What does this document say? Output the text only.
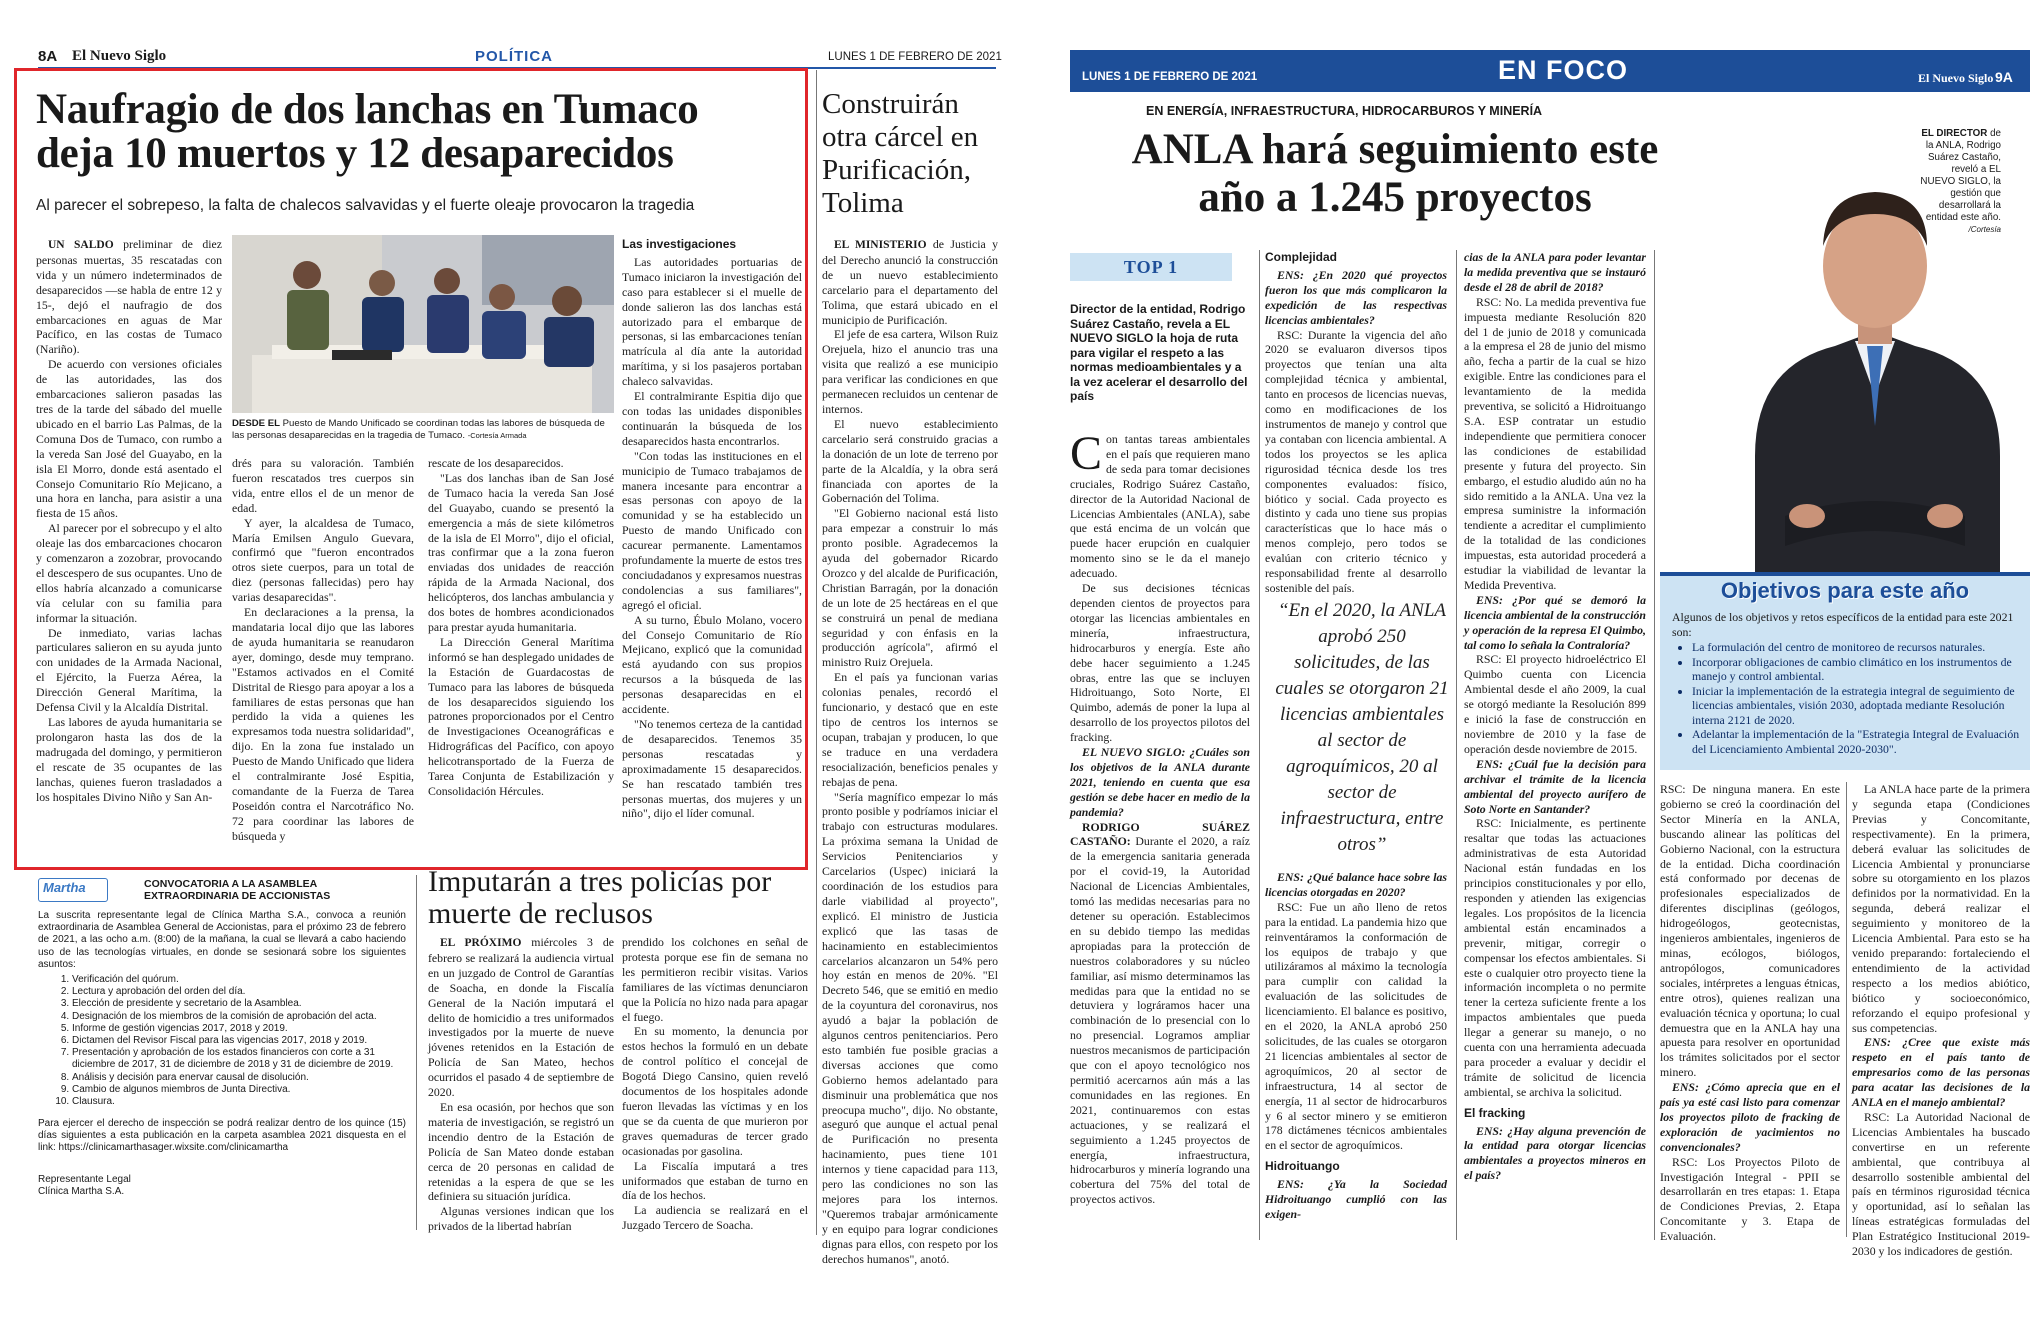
8A El Nuevo Siglo	POLÍTICA	LUNES 1 DE FEBRERO DE 2021
Naufragio de dos lanchas en Tumaco
deja 10 muertos y 12 desaparecidos
Al parecer el sobrepeso, la falta de chalecos salvavidas y el fuerte oleaje provocaron la tragedia
DESDE EL Puesto de Mando Unificado se coordinan todas las labores de búsqueda de las personas desaparecidas en la tragedia de Tumaco. -Cortesía Armada

UN SALDO preliminar de diez personas muertas, 35 rescatadas con vida y un número indeterminados de desaparecidos —se habla de entre 12 y 15-, dejó el naufragio de dos embarcaciones en aguas de Mar Pacífico, en las costas de Tumaco (Nariño).

De acuerdo con versiones oficiales de las autoridades, las dos embarcaciones salieron pasadas las tres de la tarde del sábado del muelle ubicado en el barrio Las Palmas, de la Comuna Dos de Tumaco, con rumbo a la vereda San José del Guayabo, en la isla El Morro, donde está asentado el Consejo Comunitario Río Mejicano, a una hora en lancha, para asistir a una fiesta de 15 años.

Al parecer por el sobrecupo y el alto oleaje las dos embarcaciones chocaron y comenzaron a zozobrar, provocando el descespero de sus ocupantes. Uno de ellos habría alcanzado a comunicarse vía celular con su familia para informar la situación.

De inmediato, varias lachas particulares salieron en su ayuda junto con unidades de la Armada Nacional, el Ejército, la Fuerza Aérea, la Dirección General Marítima, la Defensa Civil y la Alcaldía Distrital.

Las labores de ayuda humanitaria se prolongaron hasta las dos de la madrugada del domingo, y permitieron el rescate de 35 ocupantes de las lanchas, quienes fueron trasladados a los hospitales Divino Niño y San An-

drés para su valoración. También fueron rescatados tres cuerpos sin vida, entre ellos el de un menor de edad.

Y ayer, la alcaldesa de Tumaco, María Emilsen Angulo Guevara, confirmó que "fueron encontrados otros siete cuerpos, para un total de diez (personas fallecidas) pero hay varias desaparecidas".

En declaraciones a la prensa, la mandataria local dijo que las labores de ayuda humanitaria se reanudaron ayer, domingo, desde muy temprano. "Estamos activados en el Comité Distrital de Riesgo para apoyar a los a familiares de estas personas que han perdido la vida a quienes les expresamos toda nuestra solidaridad", dijo. En la zona fue instalado un Puesto de Mando Unificado que lidera el contralmirante José Espitia, comandante de la Fuerza de Tarea Poseidón contra el Narcotráfico No. 72 para coordinar las labores de búsqueda y

rescate de los desaparecidos.

"Las dos lanchas iban de San José de Tumaco hacia la vereda San José del Guayabo, cuando se presentó la emergencia a más de siete kilómetros de la isla de El Morro", dijo el oficial, tras confirmar que a la zona fueron enviadas dos unidades de reacción rápida de la Armada Nacional, dos helicópteros, dos lanchas ambulancia y dos botes de hombres acondicionados para prestar ayuda humanitaria.

La Dirección General Marítima informó se han desplegado unidades de la Estación de Guardacostas de Tumaco para las labores de búsqueda de los desaparecidos siguiendo los patrones proporcionados por el Centro de Investigaciones Oceanográficas e Hidrográficas del Pacífico, con apoyo helicotransportado de la Fuerza de Tarea Conjunta de Estabilización y Consolidación Hércules.

Las investigaciones

Las autoridades portuarias de Tumaco iniciaron la investigación del caso para establecer si el muelle de donde salieron las dos lanchas está autorizado para el embarque de personas, si las embarcaciones tenían matrícula al día ante la autoridad marítima, y si los pasajeros portaban chaleco salvavidas.

El contralmirante Espitia dijo que con todas las unidades disponibles continuarán la búsqueda de los desaparecidos hasta encontrarlos.

"Con todas las instituciones en el municipio de Tumaco trabajamos de manera incesante para encontrar a esas personas con apoyo de la comunidad y se ha establecido un Puesto de mando Unificado con cacurear permanente. Lamentamos profundamente la muerte de estos tres conciudadanos y expresamos nuestras condolencias a sus familiares", agregó el oficial.

A su turno, Ébulo Molano, vocero del Consejo Comunitario de Río Mejicano, explicó que la comunidad está ayudando con sus propios recursos a la búsqueda de las personas desaparecidas en el accidente.

"No tenemos certeza de la cantidad de desaparecidos. Tenemos 35 personas rescatadas y aproximadamente 15 desaparecidos. Se han rescatado también tres personas muertas, dos mujeres y un niño", dijo el líder comunal.

Construirán otra cárcel en Purificación, Tolima

EL MINISTERIO de Justicia y del Derecho anunció la construcción de un nuevo establecimiento carcelario para el departamento del Tolima, que estará ubicado en el municipio de Purificación.

El jefe de esa cartera, Wilson Ruiz Orejuela, hizo el anuncio tras una visita que realizó a ese municipio para verificar las condiciones en que permanecen recluidos un centenar de internos.

El nuevo establecimiento carcelario será construido gracias a la donación de un lote de terreno por parte de la Alcaldía, y la obra será financiada con aportes de la Gobernación del Tolima.

"El Gobierno nacional está listo para empezar a construir lo más pronto posible. Agradecemos la ayuda del gobernador Ricardo Orozco y del alcalde de Purificación, Christian Barragán, por la donación de un lote de 25 hectáreas en el que se construirá un penal de mediana seguridad y con énfasis en la producción agrícola", afirmó el ministro Ruiz Orejuela.

En el país ya funcionan varias colonias penales, recordó el funcionario, y destacó que en este tipo de centros los internos se ocupan, trabajan y producen, lo que se traduce en una verdadera resocialización, beneficios penales y rebajas de pena.

"Sería magnífico empezar lo más pronto posible y podríamos iniciar el trabajo con estructuras modulares. La próxima semana la Unidad de Servicios Penitenciarios y Carcelarios (Uspec) iniciará la coordinación de los estudios para darle viabilidad al proyecto", explicó. El ministro de Justicia explicó que las tasas de hacinamiento en establecimientos carcelarios alcanzaron un 54% pero hoy están en menos de 20%. "El Decreto 546, que se emitió en medio de la coyuntura del coronavirus, nos ayudó a bajar la población de algunos centros penitenciarios. Pero esto también fue posible gracias a diversas acciones que como Gobierno hemos adelantado para disminuir una problemática que nos preocupa mucho", dijo. No obstante, aseguró que aunque el actual penal de Purificación no presenta hacinamiento, pues tiene 101 internos y tiene capacidad para 113, pero las condiciones no son las mejores para los internos. "Queremos trabajar armónicamente y en equipo para lograr condiciones dignas para ellos, con respeto por los derechos humanos", anotó.

Martha	CONVOCATORIA A LA ASAMBLEA
EXTRAORDINARIA DE ACCIONISTAS
La suscrita representante legal de Clínica Martha S.A., convoca a reunión extraordinaria de Asamblea General de Accionistas, para el próximo 23 de febrero de 2021, a las ocho a.m. (8:00) de la mañana, la cual se llevará a cabo haciendo uso de las tecnologías virtuales, en donde se sesionará sobre los siguientes asuntos:
1. Verificación del quórum.
2. Lectura y aprobación del orden del día.
3. Elección de presidente y secretario de la Asamblea.
4. Designación de los miembros de la comisión de aprobación del acta.
5. Informe de gestión vigencias 2017, 2018 y 2019.
6. Dictamen del Revisor Fiscal para las vigencias 2017, 2018 y 2019.
7. Presentación y aprobación de los estados financieros con corte a 31 diciembre de 2017, 31 de diciembre de 2018 y 31 de diciembre de 2019.
8. Análisis y decisión para enervar causal de disolución.
9. Cambio de algunos miembros de Junta Directiva.
10. Clausura.
Para ejercer el derecho de inspección se podrá realizar dentro de los quince (15) días siguientes a esta publicación en la carpeta asamblea 2021 disquesta en el link: https://clinicamarthasager.wixsite.com/clinicamartha
Representante Legal
Clínica Martha S.A.
Imputarán a tres policías por muerte de reclusos

EL PRÓXIMO miércoles 3 de febrero se realizará la audiencia virtual en un juzgado de Control de Garantías de Soacha, en donde la Fiscalía General de la Nación imputará el delito de homicidio a tres uniformados investigados por la muerte de nueve jóvenes retenidos en la Estación de Policía de San Mateo, hechos ocurridos el pasado 4 de septiembre de 2020.

En esa ocasión, por hechos que son materia de investigación, se registró un incendio dentro de la Estación de Policía de San Mateo donde estaban cerca de 20 personas en calidad de retenidas a la espera de que se les definiera su situación jurídica.

Algunas versiones indican que los privados de la libertad habrían

prendido los colchones en señal de protesta porque ese fin de semana no les permitieron recibir visitas. Varios familiares de las víctimas denunciaron que la Policía no hizo nada para apagar el fuego.

En su momento, la denuncia por estos hechos la formuló en un debate de control político el concejal de Bogotá Diego Cansino, quien reveló documentos de los hospitales adonde fueron llevadas las víctimas y en los que se da cuenta de que murieron por graves quemaduras de tercer grado ocasionadas por gasolina.

La Fiscalía imputará a tres uniformados que estaban de turno en día de los hechos.

La audiencia se realizará en el Juzgado Tercero de Soacha.

LUNES 1 DE FEBRERO DE 2021	EN FOCO	El Nuevo Siglo 9A
EN ENERGÍA, INFRAESTRUCTURA, HIDROCARBUROS Y MINERÍA
ANLA hará seguimiento este
año a 1.245 proyectos
EL DIRECTOR de la ANLA, Rodrigo Suárez Castaño, reveló a EL NUEVO SIGLO, la gestión que desarrollará la entidad este año.
/Cortesía
TOP 1
Director de la entidad, Rodrigo Suárez Castaño, revela a EL NUEVO SIGLO la hoja de ruta para vigilar el respeto a las normas medioambientales y a la vez acelerar el desarrollo del país

Con tantas tareas ambientales en el país que requieren mano de seda para tomar decisiones cruciales, Rodrigo Suárez Castaño, director de la Autoridad Nacional de Licencias Ambientales (ANLA), sabe que está encima de un volcán que puede hacer erupción en cualquier momento sino se le da el manejo adecuado.

De sus decisiones técnicas dependen cientos de proyectos para otorgar las licencias ambientales en minería, infraestructura, hidrocarburos y energía. Este año debe hacer seguimiento a 1.245 obras, entre las que se incluyen Hidroituango, Soto Norte, El Quimbo, además de poner la lupa al desarrollo de los proyectos pilotos del fracking.

EL NUEVO SIGLO: ¿Cuáles son los objetivos de la ANLA durante 2021, teniendo en cuenta que esa gestión se debe hacer en medio de la pandemia?

RODRIGO SUÁREZ CASTAÑO: Durante el 2020, a raíz de la emergencia sanitaria generada por el covid-19, la Autoridad Nacional de Licencias Ambientales, tomó las medidas necesarias para no detener su operación. Establecimos en su debido tiempo las medidas apropiadas para la protección de nuestros colaboradores y su núcleo familiar, así mismo determinamos las medidas para que la entidad no se detuviera y lográramos hacer una combinación de lo presencial con lo no presencial. Logramos ampliar nuestros mecanismos de participación que con el apoyo tecnológico nos permitió acercarnos aún más a las comunidades en las regiones. En 2021, continuaremos con estas actuaciones, y se realizará el seguimiento a 1.245 proyectos de energía, infraestructura, hidrocarburos y minería logrando una cobertura del 75% del total de proyectos activos.

Complejidad

ENS: ¿En 2020 qué proyectos fueron los que más complicaron la expedición de las respectivas licencias ambientales?

RSC: Durante la vigencia del año 2020 se evaluaron diversos tipos proyectos que tenían una alta complejidad técnica y ambiental, tanto en procesos de licencias nuevas, como en modificaciones de los instrumentos de manejo y control que ya contaban con licencia ambiental. A todos los proyectos se les aplica rigurosidad técnica desde los tres componentes evaluados: físico, biótico y social. Cada proyecto es distinto y cada uno tiene sus propias características que lo hace más o menos complejo, pero todos se evalúan con criterio técnico y responsabilidad frente al desarrollo sostenible del país.

“En el 2020, la ANLA aprobó 250 solicitudes, de las cuales se otorgaron 21 licencias ambientales al sector de agroquímicos, 20 al sector de infraestructura, entre otros”

ENS: ¿Qué balance hace sobre las licencias otorgadas en 2020?

RSC: Fue un año lleno de retos para la entidad. La pandemia hizo que reinventáramos la conformación de los equipos de trabajo y que utilizáramos al máximo la tecnología para cumplir con calidad la evaluación de las solicitudes de licenciamiento. El balance es positivo, en el 2020, la ANLA aprobó 250 solicitudes, de las cuales se otorgaron 21 licencias ambientales al sector de agroquímicos, 20 al sector de infraestructura, 14 al sector de energía, 11 al sector de hidrocarburos y 6 al sector minero y se emitieron 178 dictámenes técnicos ambientales en el sector de agroquímicos.

Hidroituango

ENS: ¿Ya la Sociedad Hidroituango cumplió con las exigen-

cias de la ANLA para poder levantar la medida preventiva que se instauró desde el 28 de abril de 2018?

RSC: No. La medida preventiva fue impuesta mediante Resolución 820 del 1 de junio de 2018 y comunicada a la empresa el 28 de junio del mismo año, fecha a partir de la cual se hizo exigible. Entre las condiciones para el levantamiento de la medida preventiva, se solicitó a Hidroituango S.A. ESP contratar un estudio independiente que permitiera conocer las condiciones de estabilidad presente y futura del proyecto. Sin embargo, el estudio aludido aún no ha sido remitido a la ANLA. Una vez la empresa suministre la información tendiente a acreditar el cumplimiento de la totalidad de las condiciones impuestas, esta autoridad procederá a estudiar la viabilidad de levantar la Medida Preventiva.

ENS: ¿Por qué se demoró la licencia ambiental de la construcción y operación de la represa El Quimbo, tal como lo señala la Contraloría?

RSC: El proyecto hidroeléctrico El Quimbo cuenta con Licencia Ambiental desde el año 2009, la cual se otorgó mediante la Resolución 899 e inició la fase de construcción en noviembre de 2010 y la fase de operación desde noviembre de 2015.

ENS: ¿Cuál fue la decisión para archivar el trámite de la licencia ambiental del proyecto aurífero de Soto Norte en Santander?

RSC: Inicialmente, es pertinente resaltar que todas las actuaciones administrativas de esta Autoridad Nacional están fundadas en los principios constitucionales y por ello, responden y atienden las exigencias legales. Los propósitos de la licencia ambiental están encaminados a prevenir, mitigar, corregir o compensar los efectos ambientales. Si este o cualquier otro proyecto tiene la información incompleta o no permite tener la certeza suficiente frente a los impactos ambientales que pueda llegar a generar su manejo, o no cuenta con una herramienta adecuada para proceder a evaluar y decidir el trámite de solicitud de licencia ambiental, se archiva la solicitud.

El fracking

ENS: ¿Hay alguna prevención de la entidad para otorgar licencias ambientales a proyectos mineros en el país?

Objetivos para este año
Algunos de los objetivos y retos específicos de la entidad para este 2021 son:
• La formulación del centro de monitoreo de recursos naturales.
• Incorporar obligaciones de cambio climático en los instrumentos de manejo y control ambiental.
• Iniciar la implementación de la estrategia integral de seguimiento de licencias ambientales, visión 2030, adoptada mediante Resolución interna 2121 de 2020.
• Adelantar la implementación de la "Estrategia Integral de Evaluación del Licenciamiento Ambiental 2020-2030".

RSC: De ninguna manera. En este gobierno se creó la coordinación del Sector Minería en la ANLA, buscando alinear las políticas del Gobierno Nacional, con la estructura de la entidad. Dicha coordinación está conformado por decenas de profesionales especializados de diferentes disciplinas (geólogos, hidrogeólogos, geotecnistas, ingenieros ambientales, ingenieros de minas, ecólogos, biólogos, antropólogos, comunicadores sociales, intérpretes a lenguas étnicas, entre otros), quienes realizan una evaluación técnica y oportuna; lo cual demuestra que en la ANLA hay una apuesta para resolver en oportunidad los trámites solicitados por el sector minero.

ENS: ¿Cómo aprecia que en el país ya esté casi listo para comenzar los proyectos piloto de fracking de exploración de yacimientos no convencionales?

RSC: Los Proyectos Piloto de Investigación Integral - PPII se desarrollarán en tres etapas: 1. Etapa de Condiciones Previas, 2. Etapa Concomitante y 3. Etapa de Evaluación.

La ANLA hace parte de la primera y segunda etapa (Condiciones Previas y Concomitante, respectivamente). En la primera, deberá evaluar las solicitudes de Licencia Ambiental y pronunciarse sobre su otorgamiento en los plazos definidos por la normatividad. En la segunda, deberá realizar el seguimiento y monitoreo de la Licencia Ambiental. Para esto se ha venido preparando: fortaleciendo el entendimiento de la actividad respecto a los medios abiótico, biótico y socioeconómico, reforzando el equipo profesional y sus competencias.

ENS: ¿Cree que existe más respeto en el país tanto de empresarios como de las personas para acatar las decisiones de la ANLA en el manejo ambiental?

RSC: La Autoridad Nacional de Licencias Ambientales ha buscado convertirse en un referente ambiental, que contribuya al desarrollo sostenible ambiental del país en términos rigurosidad técnica y oportunidad, así lo señalan las líneas estratégicas formuladas del Plan Estratégico Institucional 2019-2030 y los indicadores de gestión.
